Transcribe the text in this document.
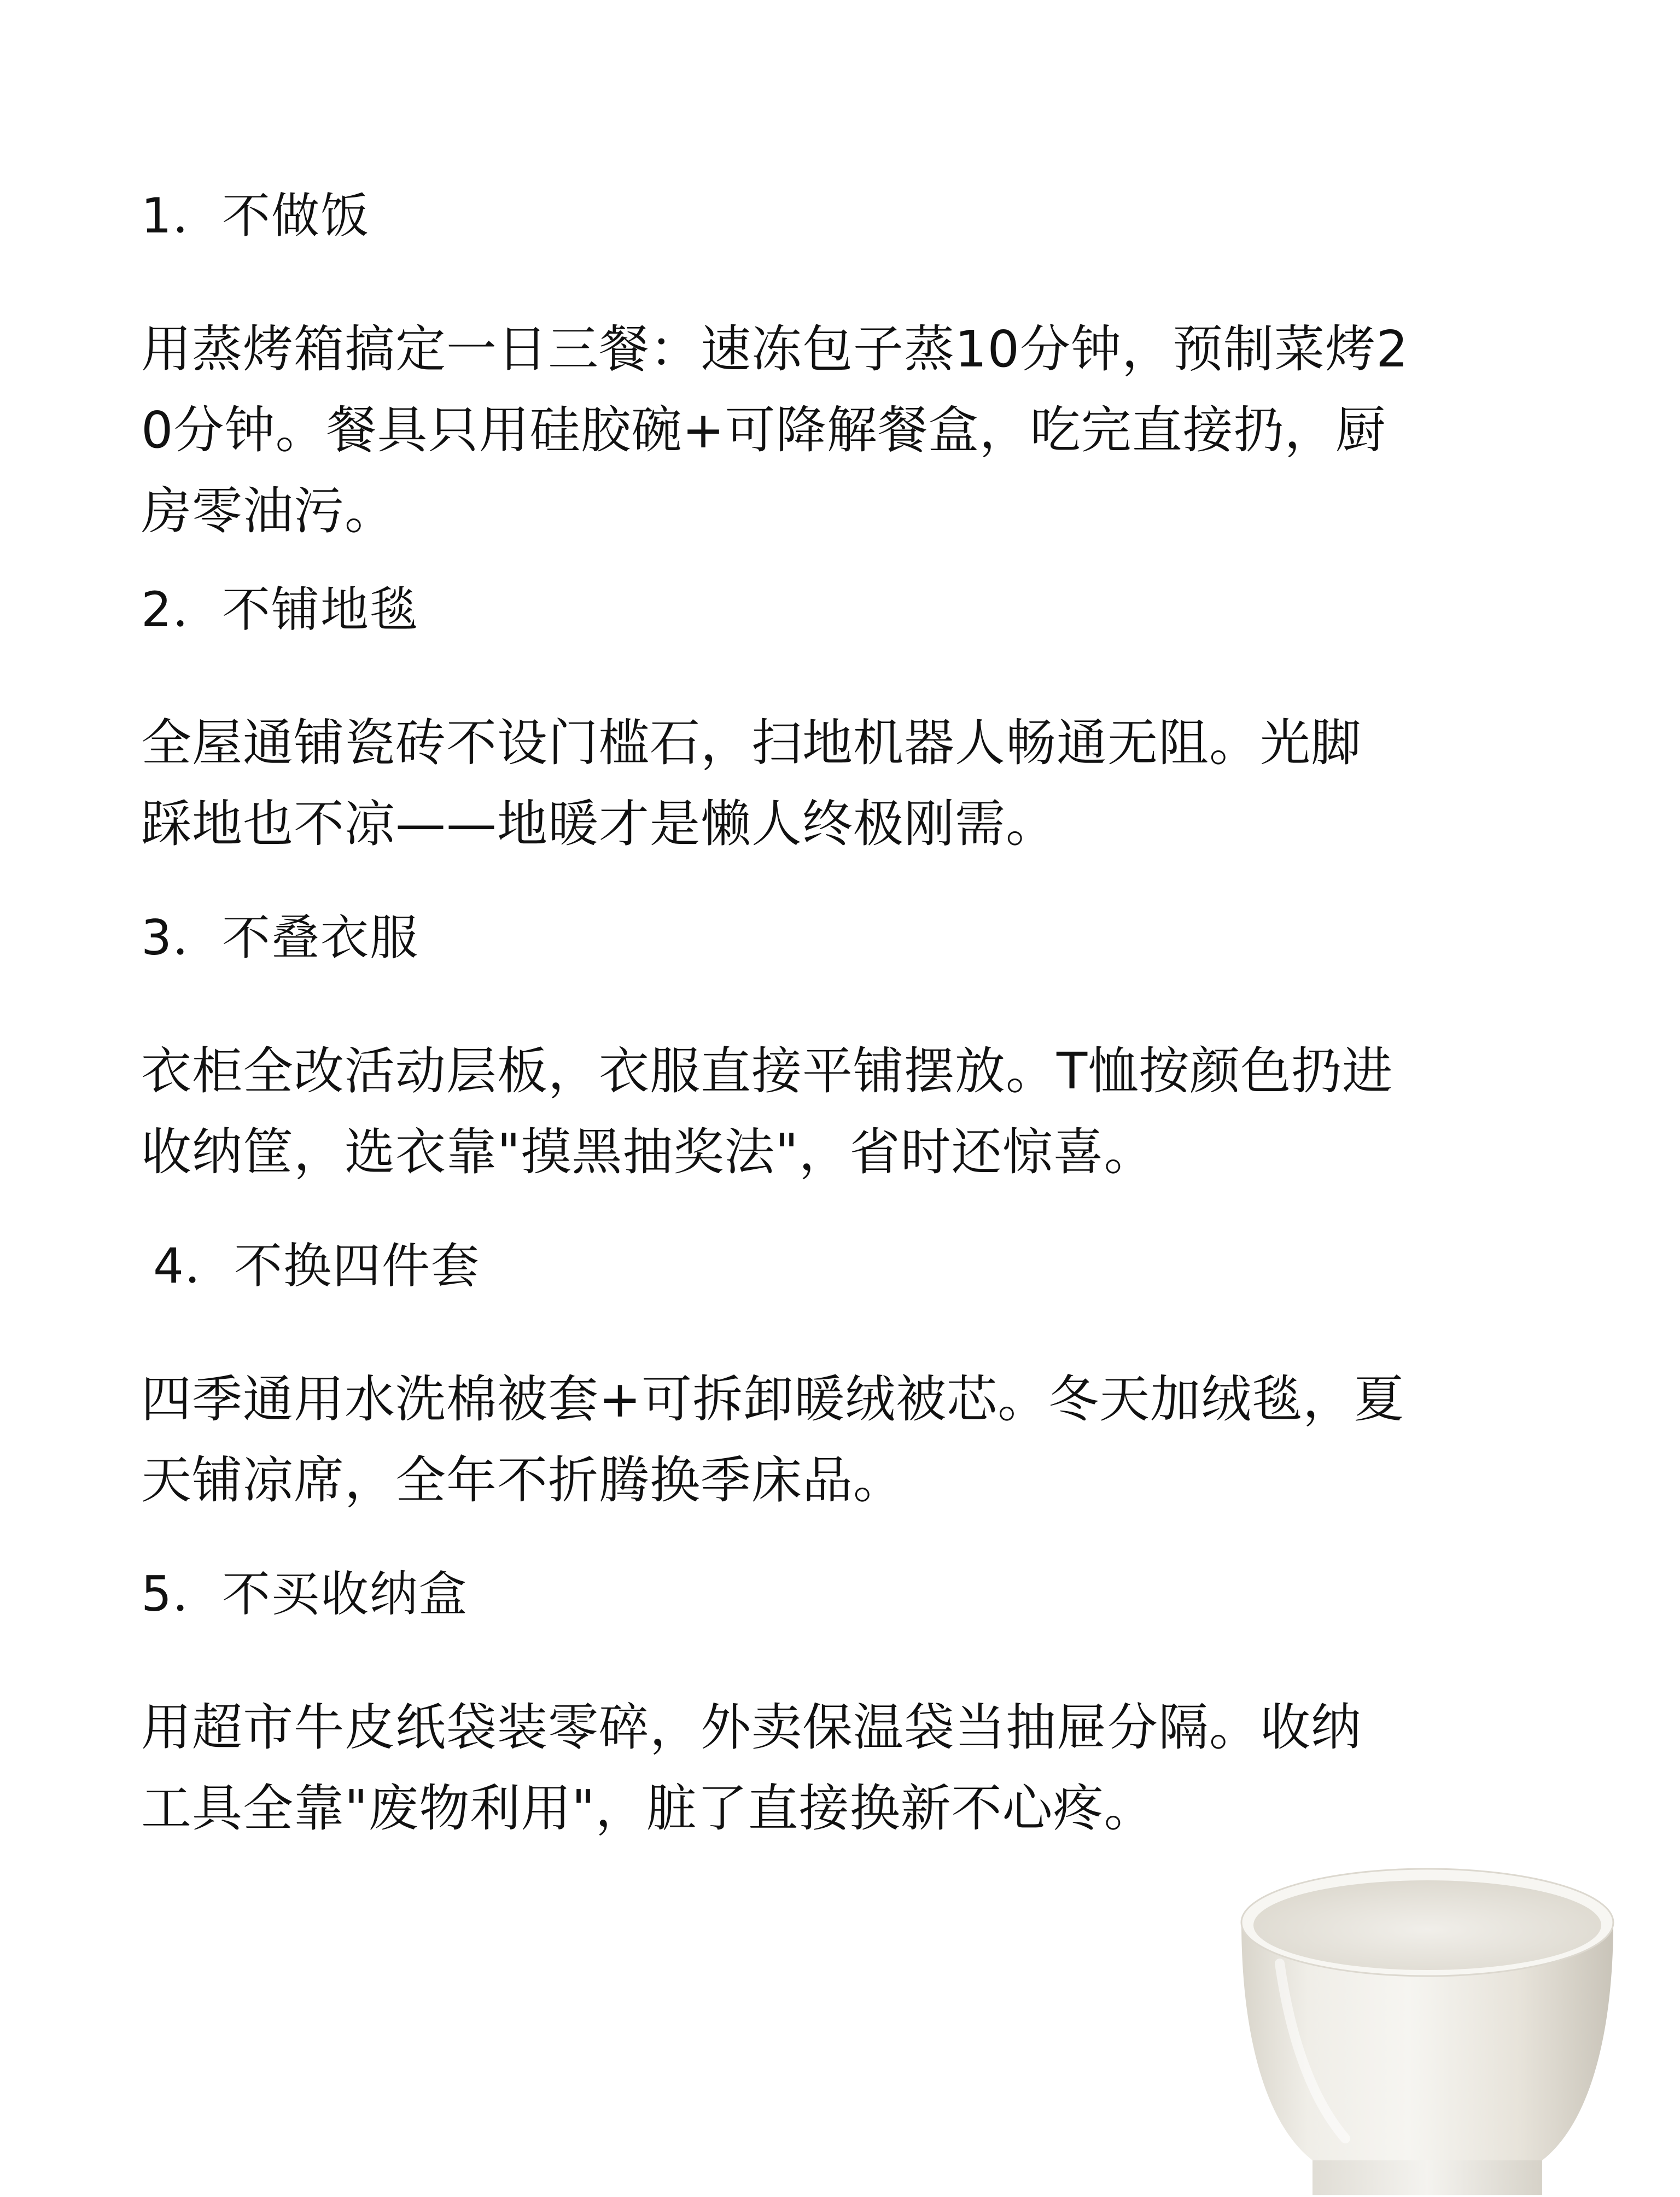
1．不做饭
用蒸烤箱搞定一日三餐：速冻包子蒸10分钟，预制菜烤2
0分钟。餐具只用硅胶碗+可降解餐盒，吃完直接扔，厨
房零油污。
2．不铺地毯
全屋通铺瓷砖不设门槛石，扫地机器人畅通无阻。光脚
踩地也不凉——地暖才是懒人终极刚需。
3．不叠衣服
衣柜全改活动层板，衣服直接平铺摆放。T恤按颜色扔进
收纳筐，选衣靠"摸黑抽奖法"，省时还惊喜。
4．不换四件套
四季通用水洗棉被套+可拆卸暖绒被芯。冬天加绒毯，夏
天铺凉席，全年不折腾换季床品。
5．不买收纳盒
用超市牛皮纸袋装零碎，外卖保温袋当抽屉分隔。收纳
工具全靠"废物利用"，脏了直接换新不心疼。
